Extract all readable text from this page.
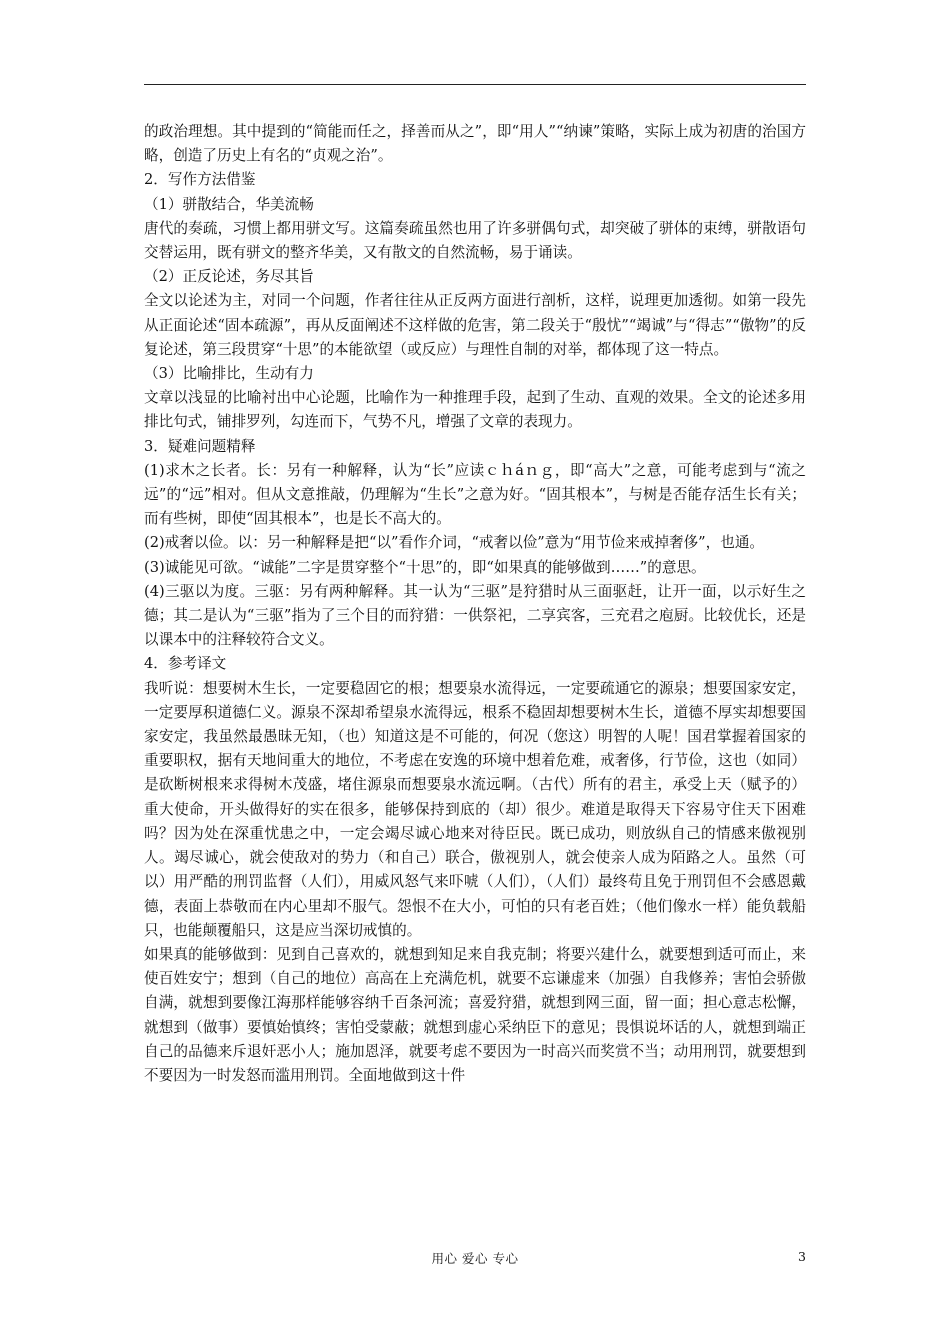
的政治理想。其中提到的“简能而任之，择善而从之”，即“用人”“纳谏”策略，实际上成为初唐的治国方略，创造了历史上有名的“贞观之治”。

2．写作方法借鉴

（1）骈散结合，华美流畅

唐代的奏疏，习惯上都用骈文写。这篇奏疏虽然也用了许多骈偶句式，却突破了骈体的束缚，骈散语句交替运用，既有骈文的整齐华美，又有散文的自然流畅，易于诵读。

（2）正反论述，务尽其旨

全文以论述为主，对同一个问题，作者往往从正反两方面进行剖析，这样，说理更加透彻。如第一段先从正面论述“固本疏源”，再从反面阐述不这样做的危害，第二段关于“殷忧”“竭诚”与“得志”“傲物”的反复论述，第三段贯穿“十思”的本能欲望（或反应）与理性自制的对举，都体现了这一特点。

（3）比喻排比，生动有力

文章以浅显的比喻衬出中心论题，比喻作为一种推理手段，起到了生动、直观的效果。全文的论述多用排比句式，铺排罗列，勾连而下，气势不凡，增强了文章的表现力。

3．疑难问题精释

(1)求木之长者。长：另有一种解释，认为“长”应读ｃｈáｎｇ，即“高大”之意，可能考虑到与“流之远”的“远”相对。但从文意推敲，仍理解为“生长”之意为好。“固其根本”，与树是否能存活生长有关；而有些树，即使“固其根本”，也是长不高大的。

(2)戒奢以俭。以：另一种解释是把“以”看作介词，“戒奢以俭”意为“用节俭来戒掉奢侈”，也通。

(3)诚能见可欲。“诚能”二字是贯穿整个“十思”的，即“如果真的能够做到……”的意思。

(4)三驱以为度。三驱：另有两种解释。其一认为“三驱”是狩猎时从三面驱赶，让开一面，以示好生之德；其二是认为“三驱”指为了三个目的而狩猎：一供祭祀，二享宾客，三充君之庖厨。比较优长，还是以课本中的注释较符合文义。

4．参考译文

我听说：想要树木生长，一定要稳固它的根；想要泉水流得远，一定要疏通它的源泉；想要国家安定，一定要厚积道德仁义。源泉不深却希望泉水流得远，根系不稳固却想要树木生长，道德不厚实却想要国家安定，我虽然最愚昧无知，（也）知道这是不可能的，何况（您这）明智的人呢！国君掌握着国家的重要职权，据有天地间重大的地位，不考虑在安逸的环境中想着危难，戒奢侈，行节俭，这也（如同）是砍断树根来求得树木茂盛，堵住源泉而想要泉水流远啊。（古代）所有的君主，承受上天（赋予的）重大使命，开头做得好的实在很多，能够保持到底的（却）很少。难道是取得天下容易守住天下困难吗？因为处在深重忧患之中，一定会竭尽诚心地来对待臣民。既已成功，则放纵自己的情感来傲视别人。竭尽诚心，就会使敌对的势力（和自己）联合，傲视别人，就会使亲人成为陌路之人。虽然（可以）用严酷的刑罚监督（人们），用威风怒气来吓唬（人们），（人们）最终苟且免于刑罚但不会感恩戴德，表面上恭敬而在内心里却不服气。怨恨不在大小，可怕的只有老百姓；（他们像水一样）能负载船只，也能颠覆船只，这是应当深切戒慎的。

如果真的能够做到：见到自己喜欢的，就想到知足来自我克制；将要兴建什么，就要想到适可而止，来使百姓安宁；想到（自己的地位）高高在上充满危机，就要不忘谦虚来（加强）自我修养；害怕会骄傲自满，就想到要像江海那样能够容纳千百条河流；喜爱狩猎，就想到网三面，留一面；担心意志松懈，就想到（做事）要慎始慎终；害怕受蒙蔽；就想到虚心采纳臣下的意见；畏惧说坏话的人，就想到端正自己的品德来斥退奸恶小人；施加恩泽，就要考虑不要因为一时高兴而奖赏不当；动用刑罚，就要想到不要因为一时发怒而滥用刑罚。全面地做到这十件

用心 爱心 专心	3
